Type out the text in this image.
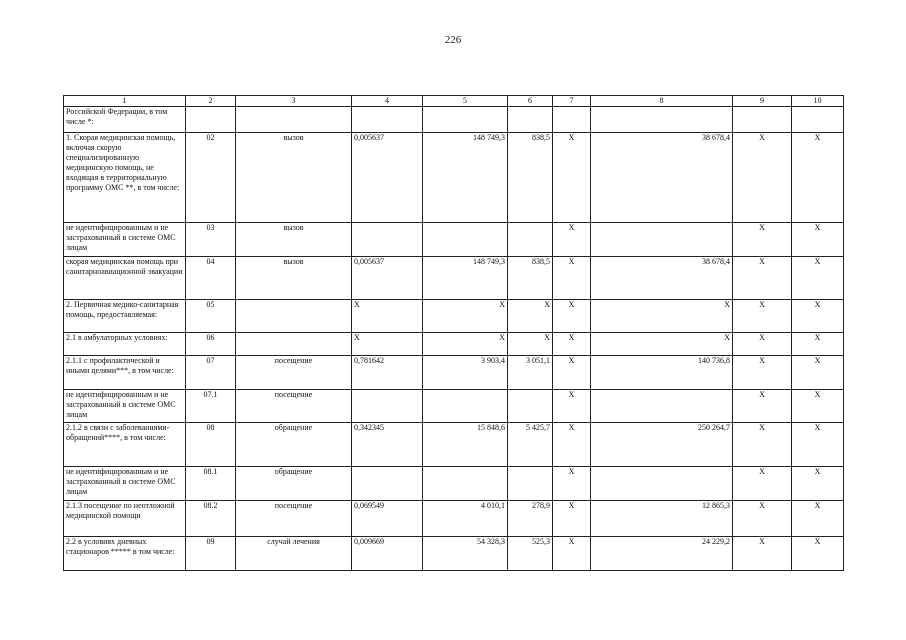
226
1	2	3	4	5	6	7	8	9	10
Российской Федерации, в том числе *:									
1. Скорая медицинская помощь, включая скорую специализированную медицинскую помощь, не входящая в территориальную программу ОМС **, в том числе:	02	вызов	0,005637	148 749,3	838,5	X	38 678,4	X	X
не идентифицированным и не застрахованный в системе ОМС лицам	03	вызов				X		X	X
скорая медицинская помощь при санитарноавиационной эвакуации	04	вызов	0,005637	148 749,3	838,5	X	38 678,4	X	X
2. Первичная медико-санитарная помощь, предоставляемая:	05		X	X	X	X	X	X	X
2.1 в амбулаторных условиях:	06		X	X	X	X	X	X	X
2.1.1 с профилактической и иными целями***, в том числе:	07	посещение	0,781642	3 903,4	3 051,1	X	140 736,8	X	X
не идентифицированным и не застрахованный в системе ОМС лицам	07.1	посещение				X		X	X
2.1.2 в связи с заболеваниями-обращений****, в том числе:	08	обращение	0,342345	15 848,6	5 425,7	X	250 264,7	X	X
не идентифицированным и не застрахованный в системе ОМС лицам	08.1	обращение				X		X	X
2.1.3 посещение по неотложной медицинской помощи	08.2	посещение	0,069549	4 010,1	278,9	X	12 865,3	X	X
2.2 в условиях дневных стационаров ***** в том числе:	09	случай лечения	0,009669	54 328,3	525,3	X	24 229,2	X	X
